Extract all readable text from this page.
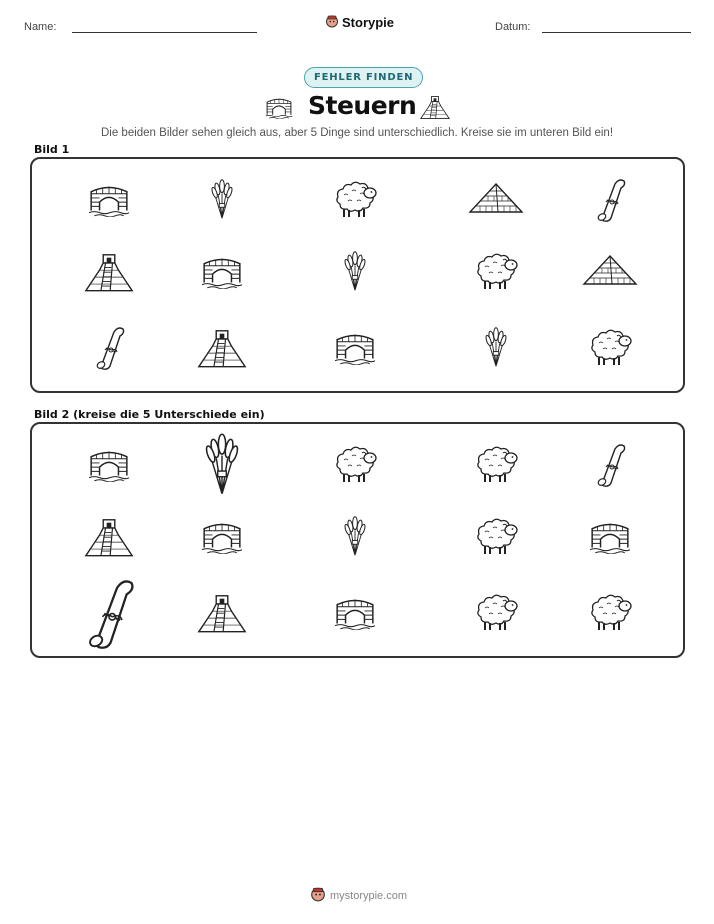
Name:	Storypie	Datum:
FEHLER FINDEN
Steuern
Die beiden Bilder sehen gleich aus, aber 5 Dinge sind unterschiedlich. Kreise sie im unteren Bild ein!
Bild 1
Bild 2 (kreise die 5 Unterschiede ein)
mystorypie.com
